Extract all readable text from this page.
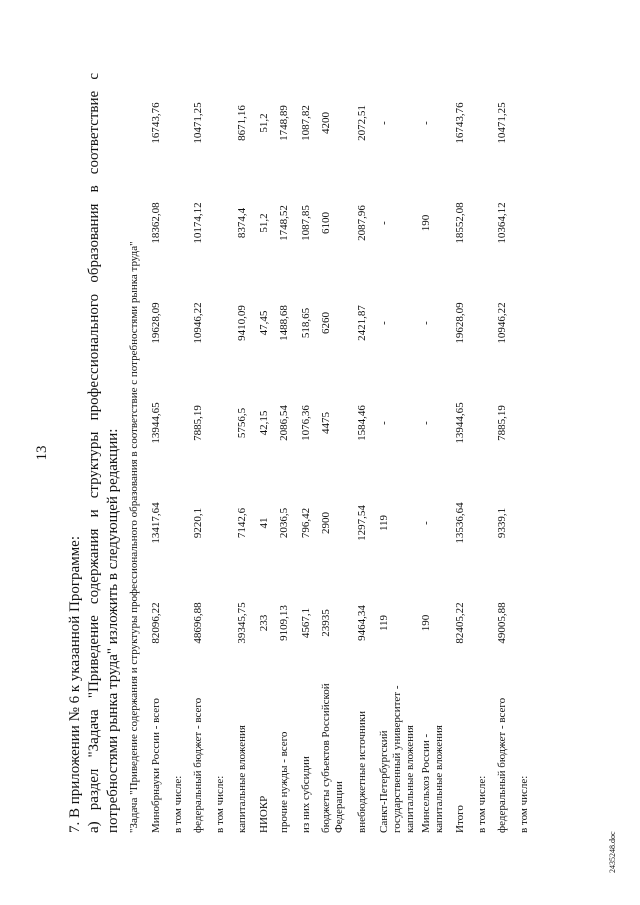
13

7. В приложении № 6 к указанной Программе: а) раздел "Задача "Приведение содержания и структуры профессионального образования в соответствие с потребностями рынка труда" изложить в следующей редакции: "Задача "Приведение содержания и структуры профессионального образования в соответствие с потребностями рынка труда" Минобрнауки России - всего	82096,22	13417,64	13944,65	19628,09	18362,08	16743,76
в том числе:						
федеральный бюджет - всего	48696,88	9220,1	7885,19	10946,22	10174,12	10471,25
в том числе:						
капитальные вложения	39345,75	7142,6	5756,5	9410,09	8374,4	8671,16
НИОКР	233	41	42,15	47,45	51,2	51,2
прочие нужды - всего	9109,13	2036,5	2086,54	1488,68	1748,52	1748,89
из них субсидии	4567,1	796,42	1076,36	518,65	1087,85	1087,82
бюджеты субъектов Российской Федерации	23935	2900	4475	6260	6100	4200
внебюджетные источники	9464,34	1297,54	1584,46	2421,87	2087,96	2072,51
Санкт-Петербургский государственный университет - капитальные вложения	119	119	-	-	-	-
Минсельхоз России - капитальные вложения	190	-	-	-	190	-
Итого	82405,22	13536,64	13944,65	19628,09	18552,08	16743,76
в том числе:						
федеральный бюджет - всего	49005,88	9339,1	7885,19	10946,22	10364,12	10471,25
в том числе:						
2435248.doc
